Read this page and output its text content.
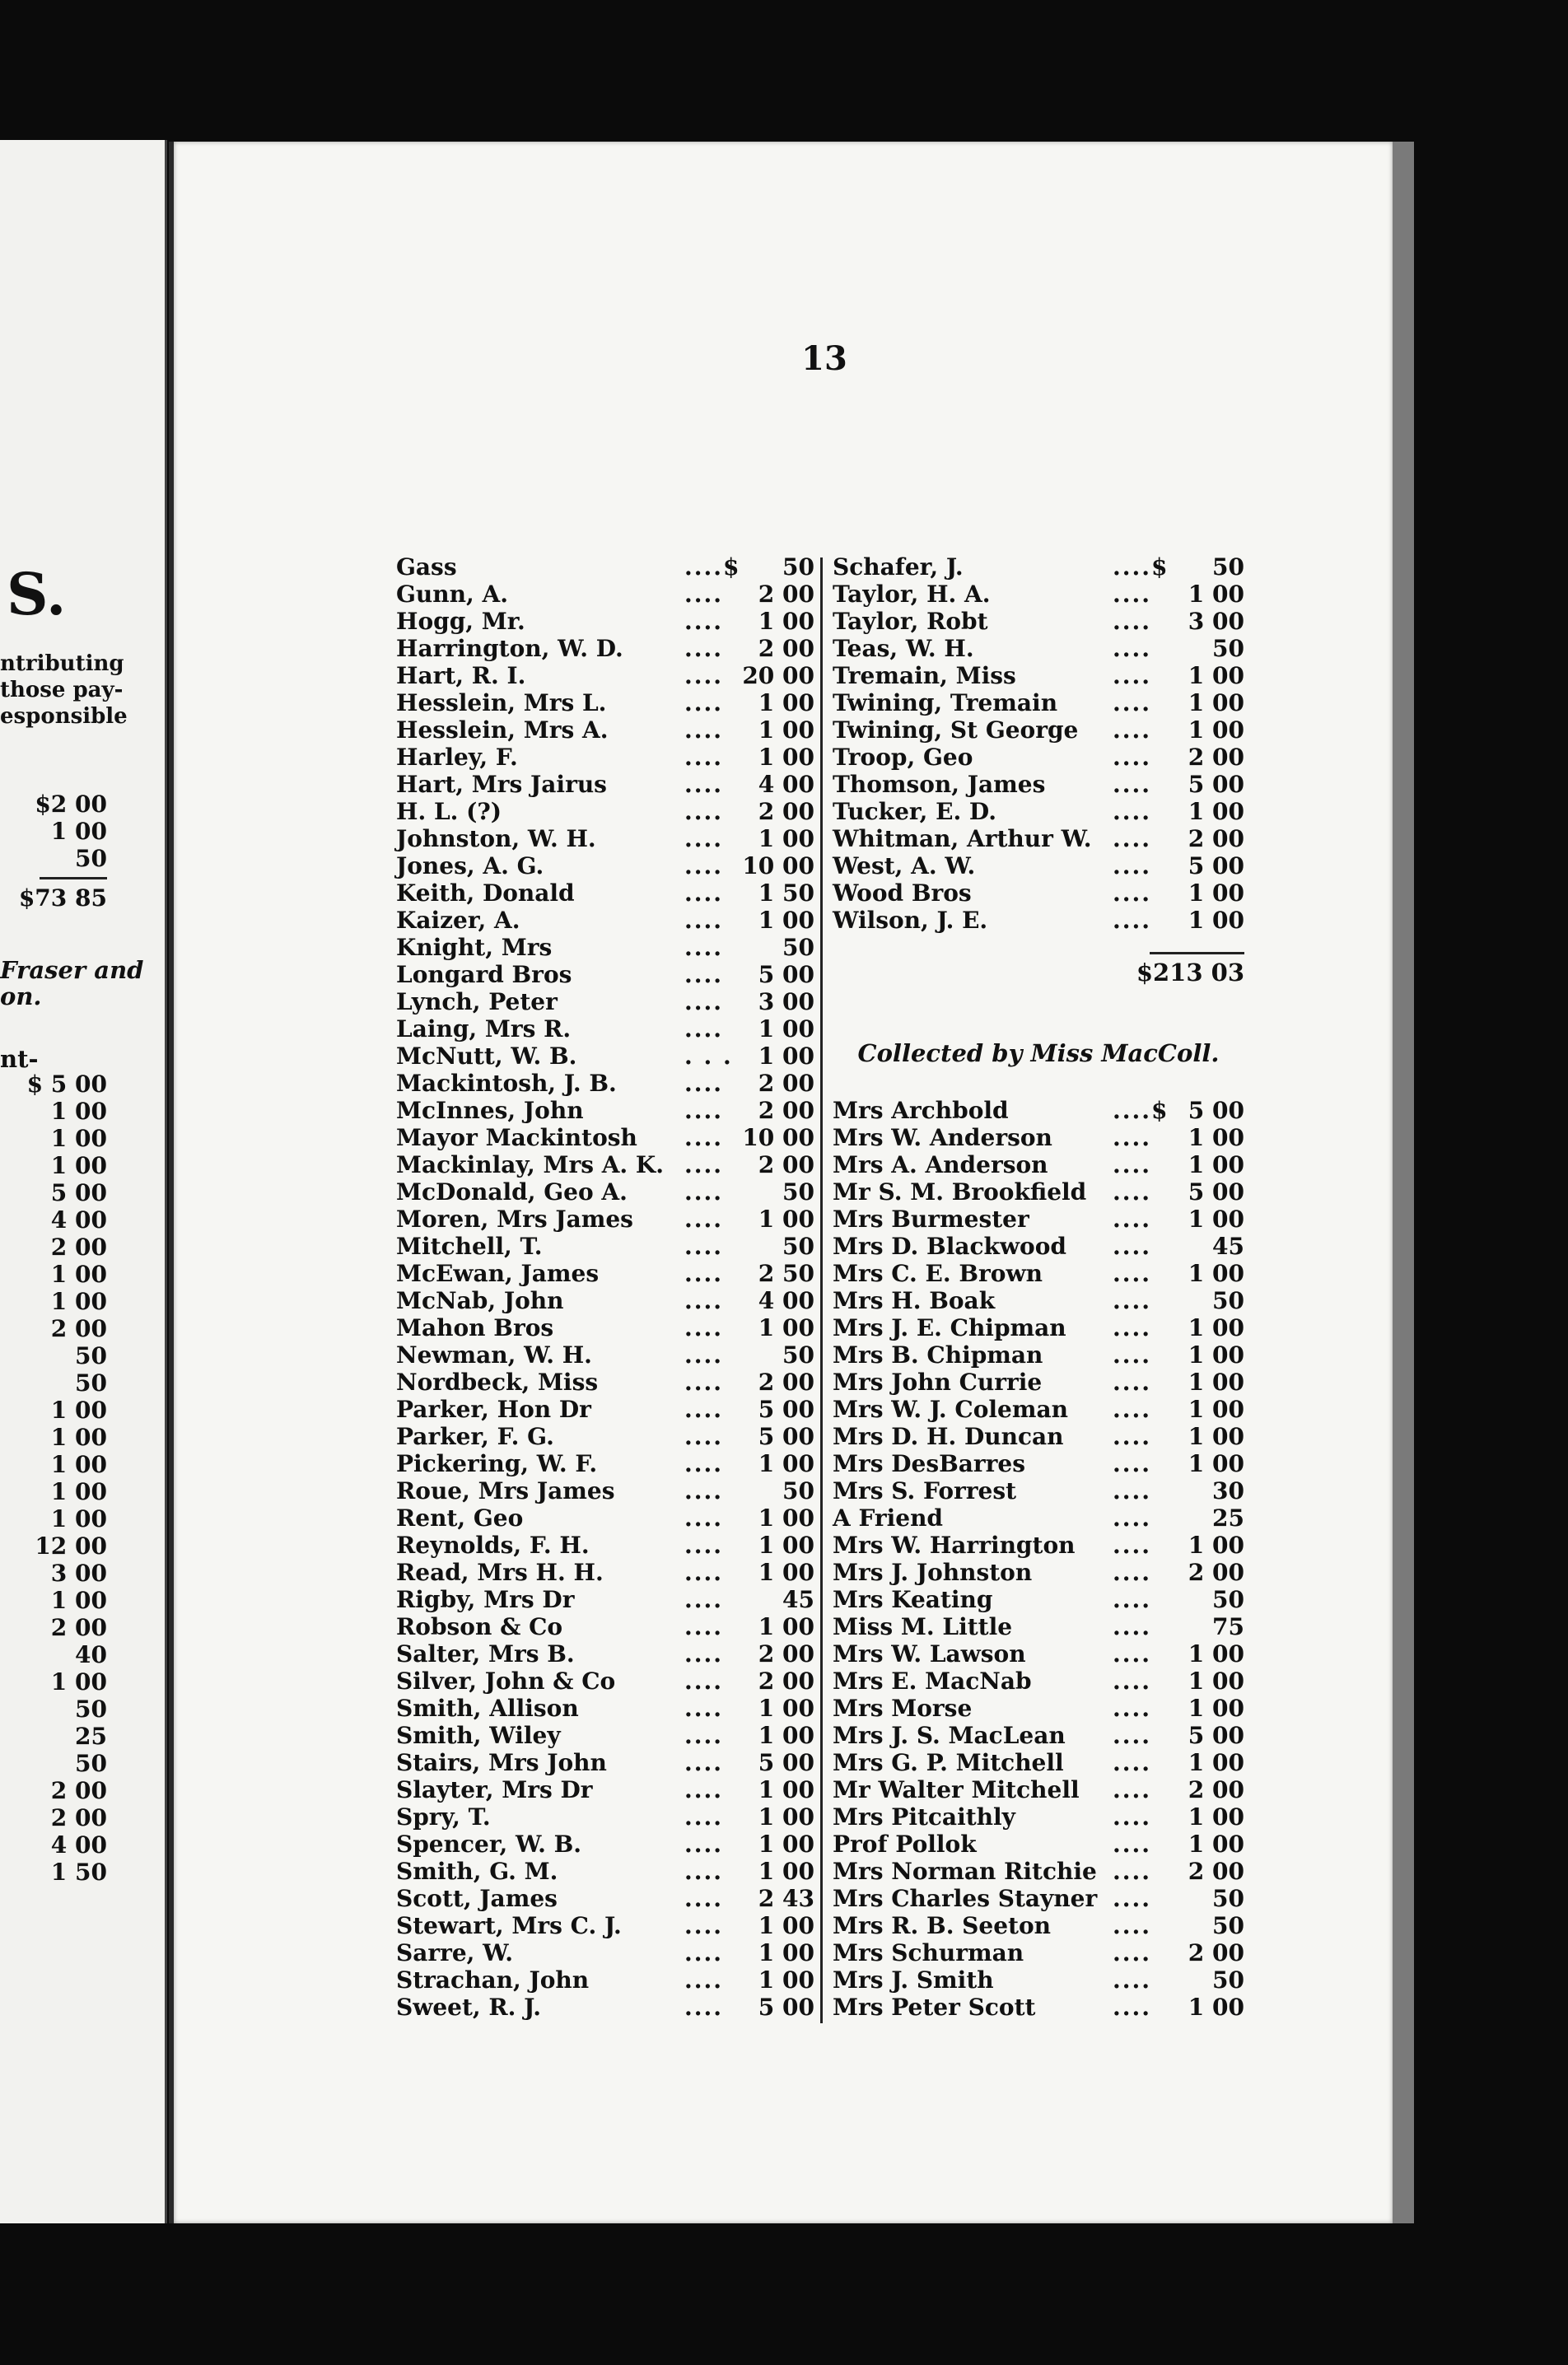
S.
ntributing
those pay-
esponsible
$2 00
1 00
50
$73 85
Fraser and
on.
nt-
$ 5 00
1 00
1 00
1 00
5 00
4 00
2 00
1 00
1 00
2 00
50
50
1 00
1 00
1 00
1 00
1 00
12 00
3 00
1 00
2 00
40
1 00
50
25
50
2 00
2 00
4 00
1 50
13
Gass	....$ 50
Gunn, A.	.... 2 00
Hogg, Mr.	.... 1 00
Harrington, W. D.	.... 2 00
Hart, R. I.	.... 20 00
Hesslein, Mrs L.	.... 1 00
Hesslein, Mrs A.	.... 1 00
Harley, F.	.... 1 00
Hart, Mrs Jairus	.... 4 00
H. L. (?)	.... 2 00
Johnston, W. H.	.... 1 00
Jones, A. G.	.... 10 00
Keith, Donald	.... 1 50
Kaizer, A.	.... 1 00
Knight, Mrs	....	50
Longard Bros	.... 5 00
Lynch, Peter	.... 3 00
Laing, Mrs R.	.... 1 00
McNutt, W. B.	. . . 1 00
Mackintosh, J. B.	.... 2 00
McInnes, John	.... 2 00
Mayor Mackintosh .... 10 00
Mackinlay, Mrs A. K. .... 2 00
McDonald, Geo A. ....	50
Moren, Mrs James .... 1 00
Mitchell, T.	....	50
McEwan, James	.... 2 50
McNab, John	.... 4 00
Mahon Bros	.... 1 00
Newman, W. H.	....	50
Nordbeck, Miss	.... 2 00
Parker, Hon Dr	.... 5 00
Parker, F. G.	.... 5 00
Pickering, W. F.	.... 1 00
Roue, Mrs James	....	50
Rent, Geo	.... 1 00
Reynolds, F. H.	.... 1 00
Read, Mrs H. H.	.... 1 00
Rigby, Mrs Dr	....	45
Robson & Co	.... 1 00
Salter, Mrs B.	.... 2 00
Silver, John & Co	.... 2 00
Smith, Allison	.... 1 00
Smith, Wiley	.... 1 00
Stairs, Mrs John	.... 5 00
Slayter, Mrs Dr	.... 1 00
Spry, T.	.... 1 00
Spencer, W. B.	.... 1 00
Smith, G. M.	.... 1 00
Scott, James	.... 2 43
Stewart, Mrs C. J.	.... 1 00
Sarre, W.	.... 1 00
Strachan, John	.... 1 00
Sweet, R. J.	.... 5 00
Schafer, J.	....$ 50
Taylor, H. A.	.... 1 00
Taylor, Robt	.... 3 00
Teas, W. H.	....	50
Tremain, Miss	.... 1 00
Twining, Tremain .... 1 00
Twining, St George .... 1 00
Troop, Geo	.... 2 00
Thomson, James	.... 5 00
Tucker, E. D.	.... 1 00
Whitman, Arthur W. .... 2 00
West, A. W.	.... 5 00
Wood Bros	.... 1 00
Wilson, J. E.	.... 1 00
$213 03
Collected by Miss MacColl.
Mrs Archbold	....$ 5 00
Mrs W. Anderson	.... 1 00
Mrs A. Anderson	.... 1 00
Mr S. M. Brookfield .... 5 00
Mrs Burmester	.... 1 00
Mrs D. Blackwood ....	45
Mrs C. E. Brown	.... 1 00
Mrs H. Boak	....	50
Mrs J. E. Chipman .... 1 00
Mrs B. Chipman	.... 1 00
Mrs John Currie	.... 1 00
Mrs W. J. Coleman .... 1 00
Mrs D. H. Duncan .... 1 00
Mrs DesBarres	.... 1 00
Mrs S. Forrest	....	30
A Friend	....	25
Mrs W. Harrington .... 1 00
Mrs J. Johnston	.... 2 00
Mrs Keating	....	50
Miss M. Little	....	75
Mrs W. Lawson	.... 1 00
Mrs E. MacNab	.... 1 00
Mrs Morse	.... 1 00
Mrs J. S. MacLean .... 5 00
Mrs G. P. Mitchell .... 1 00
Mr Walter Mitchell .... 2 00
Mrs Pitcaithly	.... 1 00
Prof Pollok	.... 1 00
Mrs Norman Ritchie .... 2 00
Mrs Charles Stayner ....	50
Mrs R. B. Seeton	....	50
Mrs Schurman	.... 2 00
Mrs J. Smith	....	50
Mrs Peter Scott	.... 1 00
